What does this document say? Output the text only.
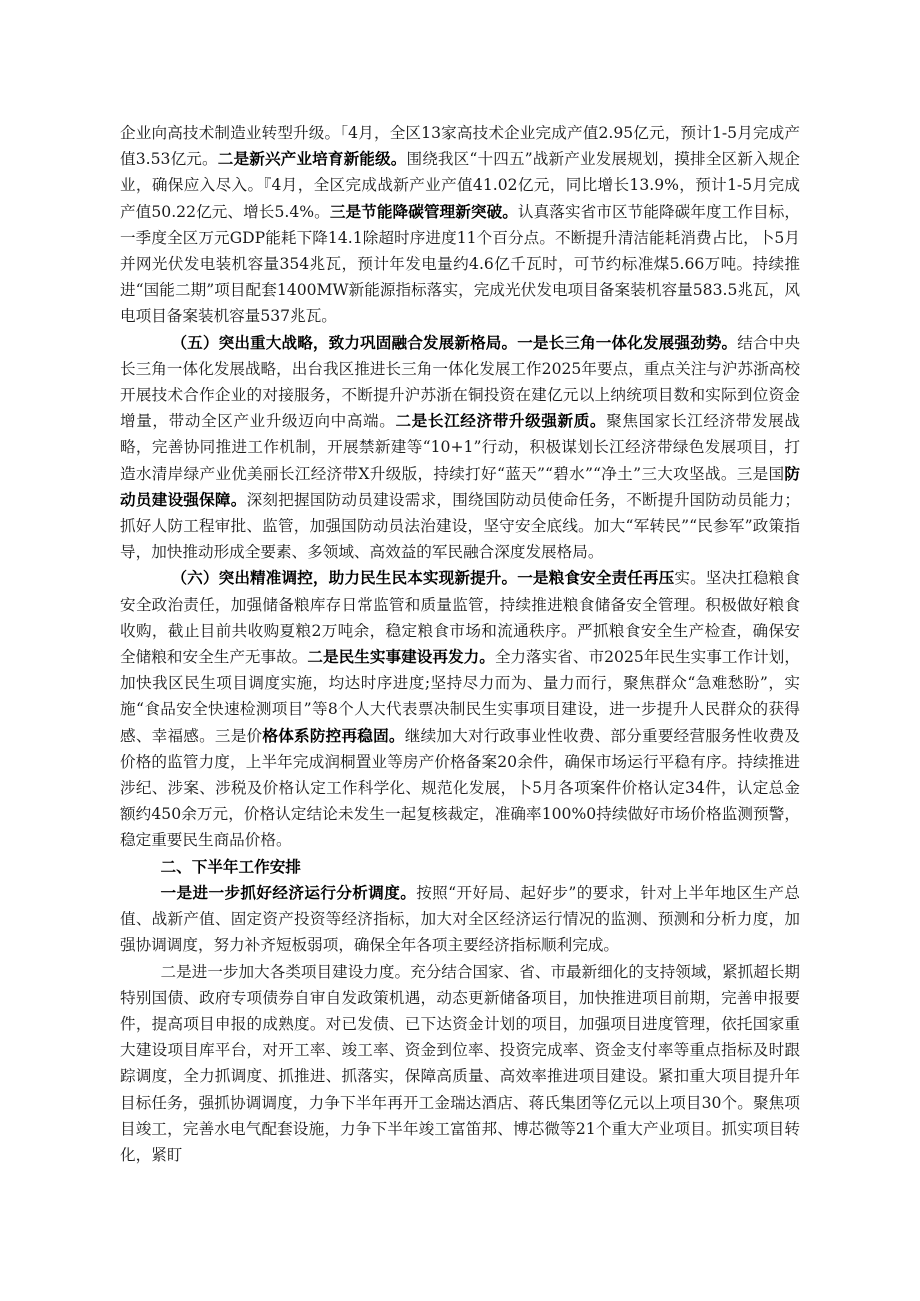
企业向高技术制造业转型升级。「4月，全区13家高技术企业完成产值2.95亿元，预计1-5月完成产值3.53亿元。二是新兴产业培育新能级。围绕我区“十四五”战新产业发展规划，摸排全区新入规企业，确保应入尽入。『4月，全区完成战新产业产值41.02亿元，同比增长13.9%，预计1-5月完成产值50.22亿元、增长5.4%。三是节能降碳管理新突破。认真落实省市区节能降碳年度工作目标，一季度全区万元GDP能耗下降14.1除超时序进度11个百分点。不断提升清洁能耗消费占比，卜5月并网光伏发电装机容量354兆瓦，预计年发电量约4.6亿千瓦时，可节约标准煤5.66万吨。持续推进“国能二期”项目配套1400MW新能源指标落实，完成光伏发电项目备案装机容量583.5兆瓦，风电项目备案装机容量537兆瓦。

（五）突出重大战略，致力巩固融合发展新格局。一是长三角一体化发展强劲势。结合中央长三角一体化发展战略，出台我区推进长三角一体化发展工作2025年要点，重点关注与沪苏浙高校开展技术合作企业的对接服务，不断提升沪苏浙在铜投资在建亿元以上纳统项目数和实际到位资金增量，带动全区产业升级迈向中高端。二是长江经济带升级强新质。聚焦国家长江经济带发展战略，完善协同推进工作机制，开展禁新建等“10+1”行动，积极谋划长江经济带绿色发展项目，打造水清岸绿产业优美丽长江经济带X升级版，持续打好“蓝天”“碧水”“净土”三大攻坚战。三是国防动员建设强保障。深刻把握国防动员建设需求，围绕国防动员使命任务，不断提升国防动员能力；抓好人防工程审批、监管，加强国防动员法治建设，坚守安全底线。加大“军转民”“民参军”政策指导，加快推动形成全要素、多领域、高效益的军民融合深度发展格局。

（六）突出精准调控，助力民生民本实现新提升。一是粮食安全责任再压实。坚决扛稳粮食安全政治责任，加强储备粮库存日常监管和质量监管，持续推进粮食储备安全管理。积极做好粮食收购，截止目前共收购夏粮2万吨余，稳定粮食市场和流通秩序。严抓粮食安全生产检查，确保安全储粮和安全生产无事故。二是民生实事建设再发力。全力落实省、市2025年民生实事工作计划，加快我区民生项目调度实施，均达时序进度;坚持尽力而为、量力而行，聚焦群众“急难愁盼”，实施“食品安全快速检测项目”等8个人大代表票决制民生实事项目建设，进一步提升人民群众的获得感、幸福感。三是价格体系防控再稳固。继续加大对行政事业性收费、部分重要经营服务性收费及价格的监管力度，上半年完成润桐置业等房产价格备案20余件，确保市场运行平稳有序。持续推进涉纪、涉案、涉税及价格认定工作科学化、规范化发展，卜5月各项案件价格认定34件，认定总金额约450余万元，价格认定结论未发生一起复核裁定，准确率100%0持续做好市场价格监测预警，稳定重要民生商品价格。

二、下半年工作安排

一是进一步抓好经济运行分析调度。按照“开好局、起好步”的要求，针对上半年地区生产总值、战新产值、固定资产投资等经济指标，加大对全区经济运行情况的监测、预测和分析力度，加强协调调度，努力补齐短板弱项，确保全年各项主要经济指标顺利完成。

二是进一步加大各类项目建设力度。充分结合国家、省、市最新细化的支持领域，紧抓超长期特别国债、政府专项债券自审自发政策机遇，动态更新储备项目，加快推进项目前期，完善申报要件，提高项目申报的成熟度。对已发债、已下达资金计划的项目，加强项目进度管理，依托国家重大建设项目库平台，对开工率、竣工率、资金到位率、投资完成率、资金支付率等重点指标及时跟踪调度，全力抓调度、抓推进、抓落实，保障高质量、高效率推进项目建设。紧扣重大项目提升年目标任务，强抓协调调度，力争下半年再开工金瑞达酒店、蒋氏集团等亿元以上项目30个。聚焦项目竣工，完善水电气配套设施，力争下半年竣工富笛邦、博芯微等21个重大产业项目。抓实项目转化，紧盯
